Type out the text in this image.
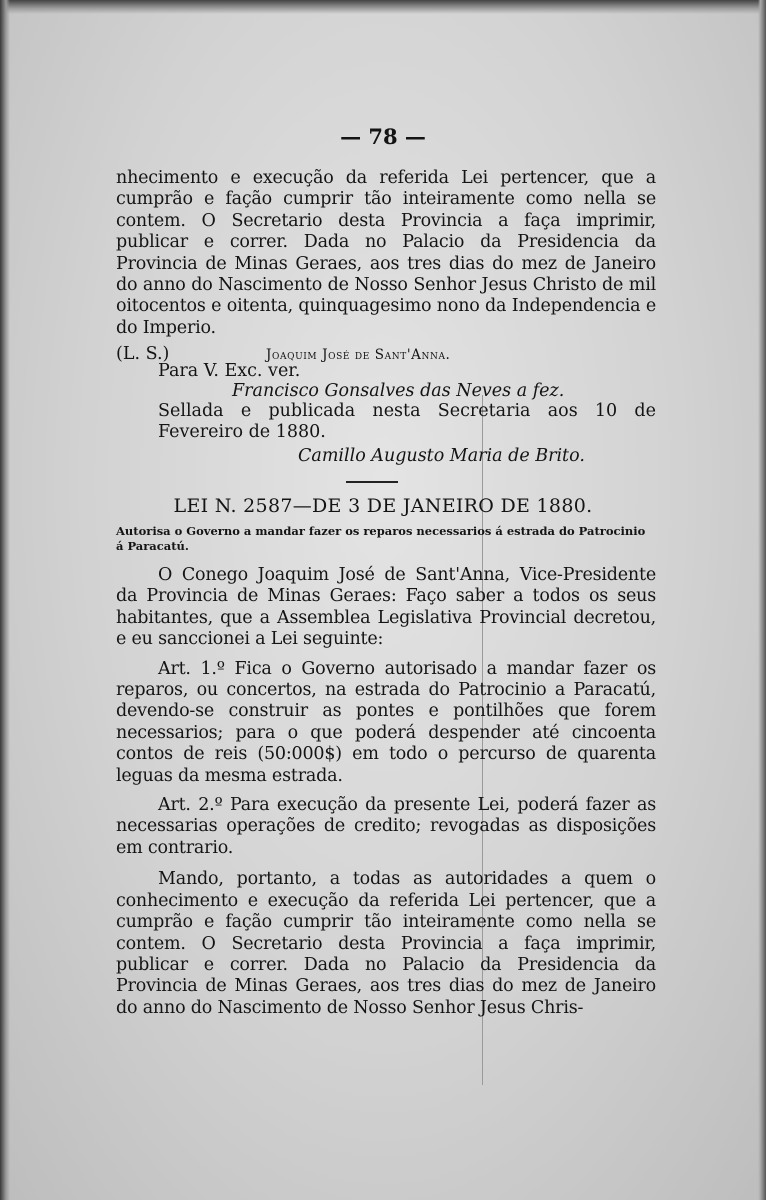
— 78 —
nhecimento e execução da referida Lei pertencer, que a cumprão e fação cumprir tão inteiramente como nella se contem. O Secretario desta Provincia a faça imprimir, publicar e correr. Dada no Palacio da Presidencia da Provincia de Minas Geraes, aos tres dias do mez de Janeiro do anno do Nascimento de Nosso Senhor Jesus Christo de mil oitocentos e oitenta, quinquagesimo nono da Independencia e do Imperio.
(L. S.)	Joaquim José de Sant'Anna.
Para V. Exc. ver.
Francisco Gonsalves das Neves a fez.

Sellada e publicada nesta Secretaria aos 10 de Fevereiro de 1880.

Camillo Augusto Maria de Brito.
LEI N. 2587—DE 3 DE JANEIRO DE 1880.
Autorisa o Governo a mandar fazer os reparos necessarios á estrada do Patrocinio á Paracatú.

O Conego Joaquim José de Sant'Anna, Vice-Presidente da Provincia de Minas Geraes: Faço saber a todos os seus habitantes, que a Assemblea Legislativa Provincial decretou, e eu sanccionei a Lei seguinte:

Art. 1.º Fica o Governo autorisado a mandar fazer os reparos, ou concertos, na estrada do Patrocinio a Paracatú, devendo-se construir as pontes e pontilhões que forem necessarios; para o que poderá despender até cincoenta contos de reis (50:000$) em todo o percurso de quarenta leguas da mesma estrada.

Art. 2.º Para execução da presente Lei, poderá fazer as necessarias operações de credito; revogadas as disposições em contrario.

Mando, portanto, a todas as autoridades a quem o conhecimento e execução da referida Lei pertencer, que a cumprão e fação cumprir tão inteiramente como nella se contem. O Secretario desta Provincia a faça imprimir, publicar e correr. Dada no Palacio da Presidencia da Provincia de Minas Geraes, aos tres dias do mez de Janeiro do anno do Nascimento de Nosso Senhor Jesus Chris-
